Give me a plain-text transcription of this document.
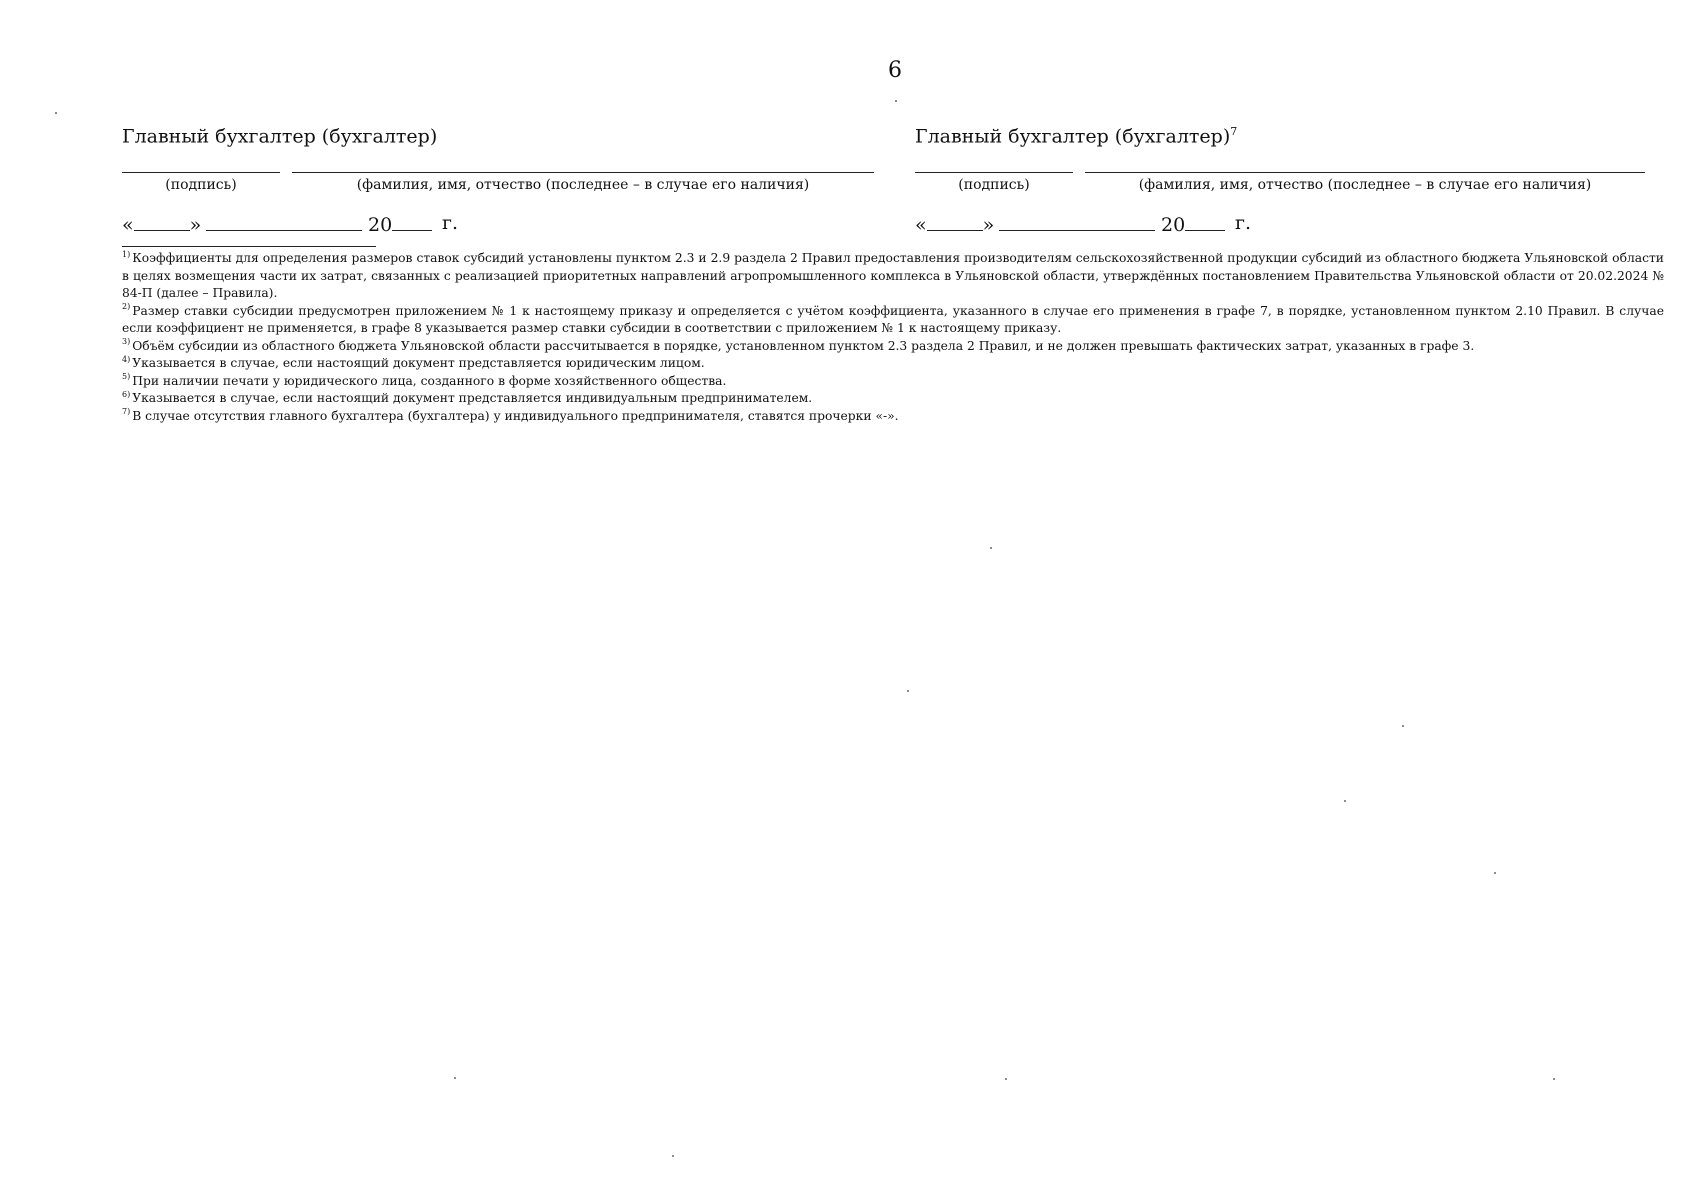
6
Главный бухгалтер (бухгалтер)
(подпись)	(фамилия, имя, отчество (последнее – в случае его наличия)
«	»	20	г.
Главный бухгалтер (бухгалтер)$^7$
(подпись)	(фамилия, имя, отчество (последнее – в случае его наличия)
«	»	20	г.
$^{1)}$ Коэффициенты для определения размеров ставок субсидий установлены пунктом 2.3 и 2.9 раздела 2 Правил предоставления производителям сельскохозяйственной продукции субсидий из областного бюджета Ульяновской области в целях возмещения части их затрат, связанных с реализацией приоритетных направлений агропромышленного комплекса в Ульяновской области, утверждённых постановлением Правительства Ульяновской области от 20.02.2024 № 84-П (далее – Правила).
$^{2)}$ Размер ставки субсидии предусмотрен приложением № 1 к настоящему приказу и определяется с учётом коэффициента, указанного в случае его применения в графе 7, в порядке, установленном пунктом 2.10 Правил. В случае если коэффициент не применяется, в графе 8 указывается размер ставки субсидии в соответствии с приложением № 1 к настоящему приказу.
$^{3)}$ Объём субсидии из областного бюджета Ульяновской области рассчитывается в порядке, установленном пунктом 2.3 раздела 2 Правил, и не должен превышать фактических затрат, указанных в графе 3.
$^{4)}$ Указывается в случае, если настоящий документ представляется юридическим лицом.
$^{5)}$ При наличии печати у юридического лица, созданного в форме хозяйственного общества.
$^{6)}$ Указывается в случае, если настоящий документ представляется индивидуальным предпринимателем.
$^{7)}$ В случае отсутствия главного бухгалтера (бухгалтера) у индивидуального предпринимателя, ставятся прочерки «-».
